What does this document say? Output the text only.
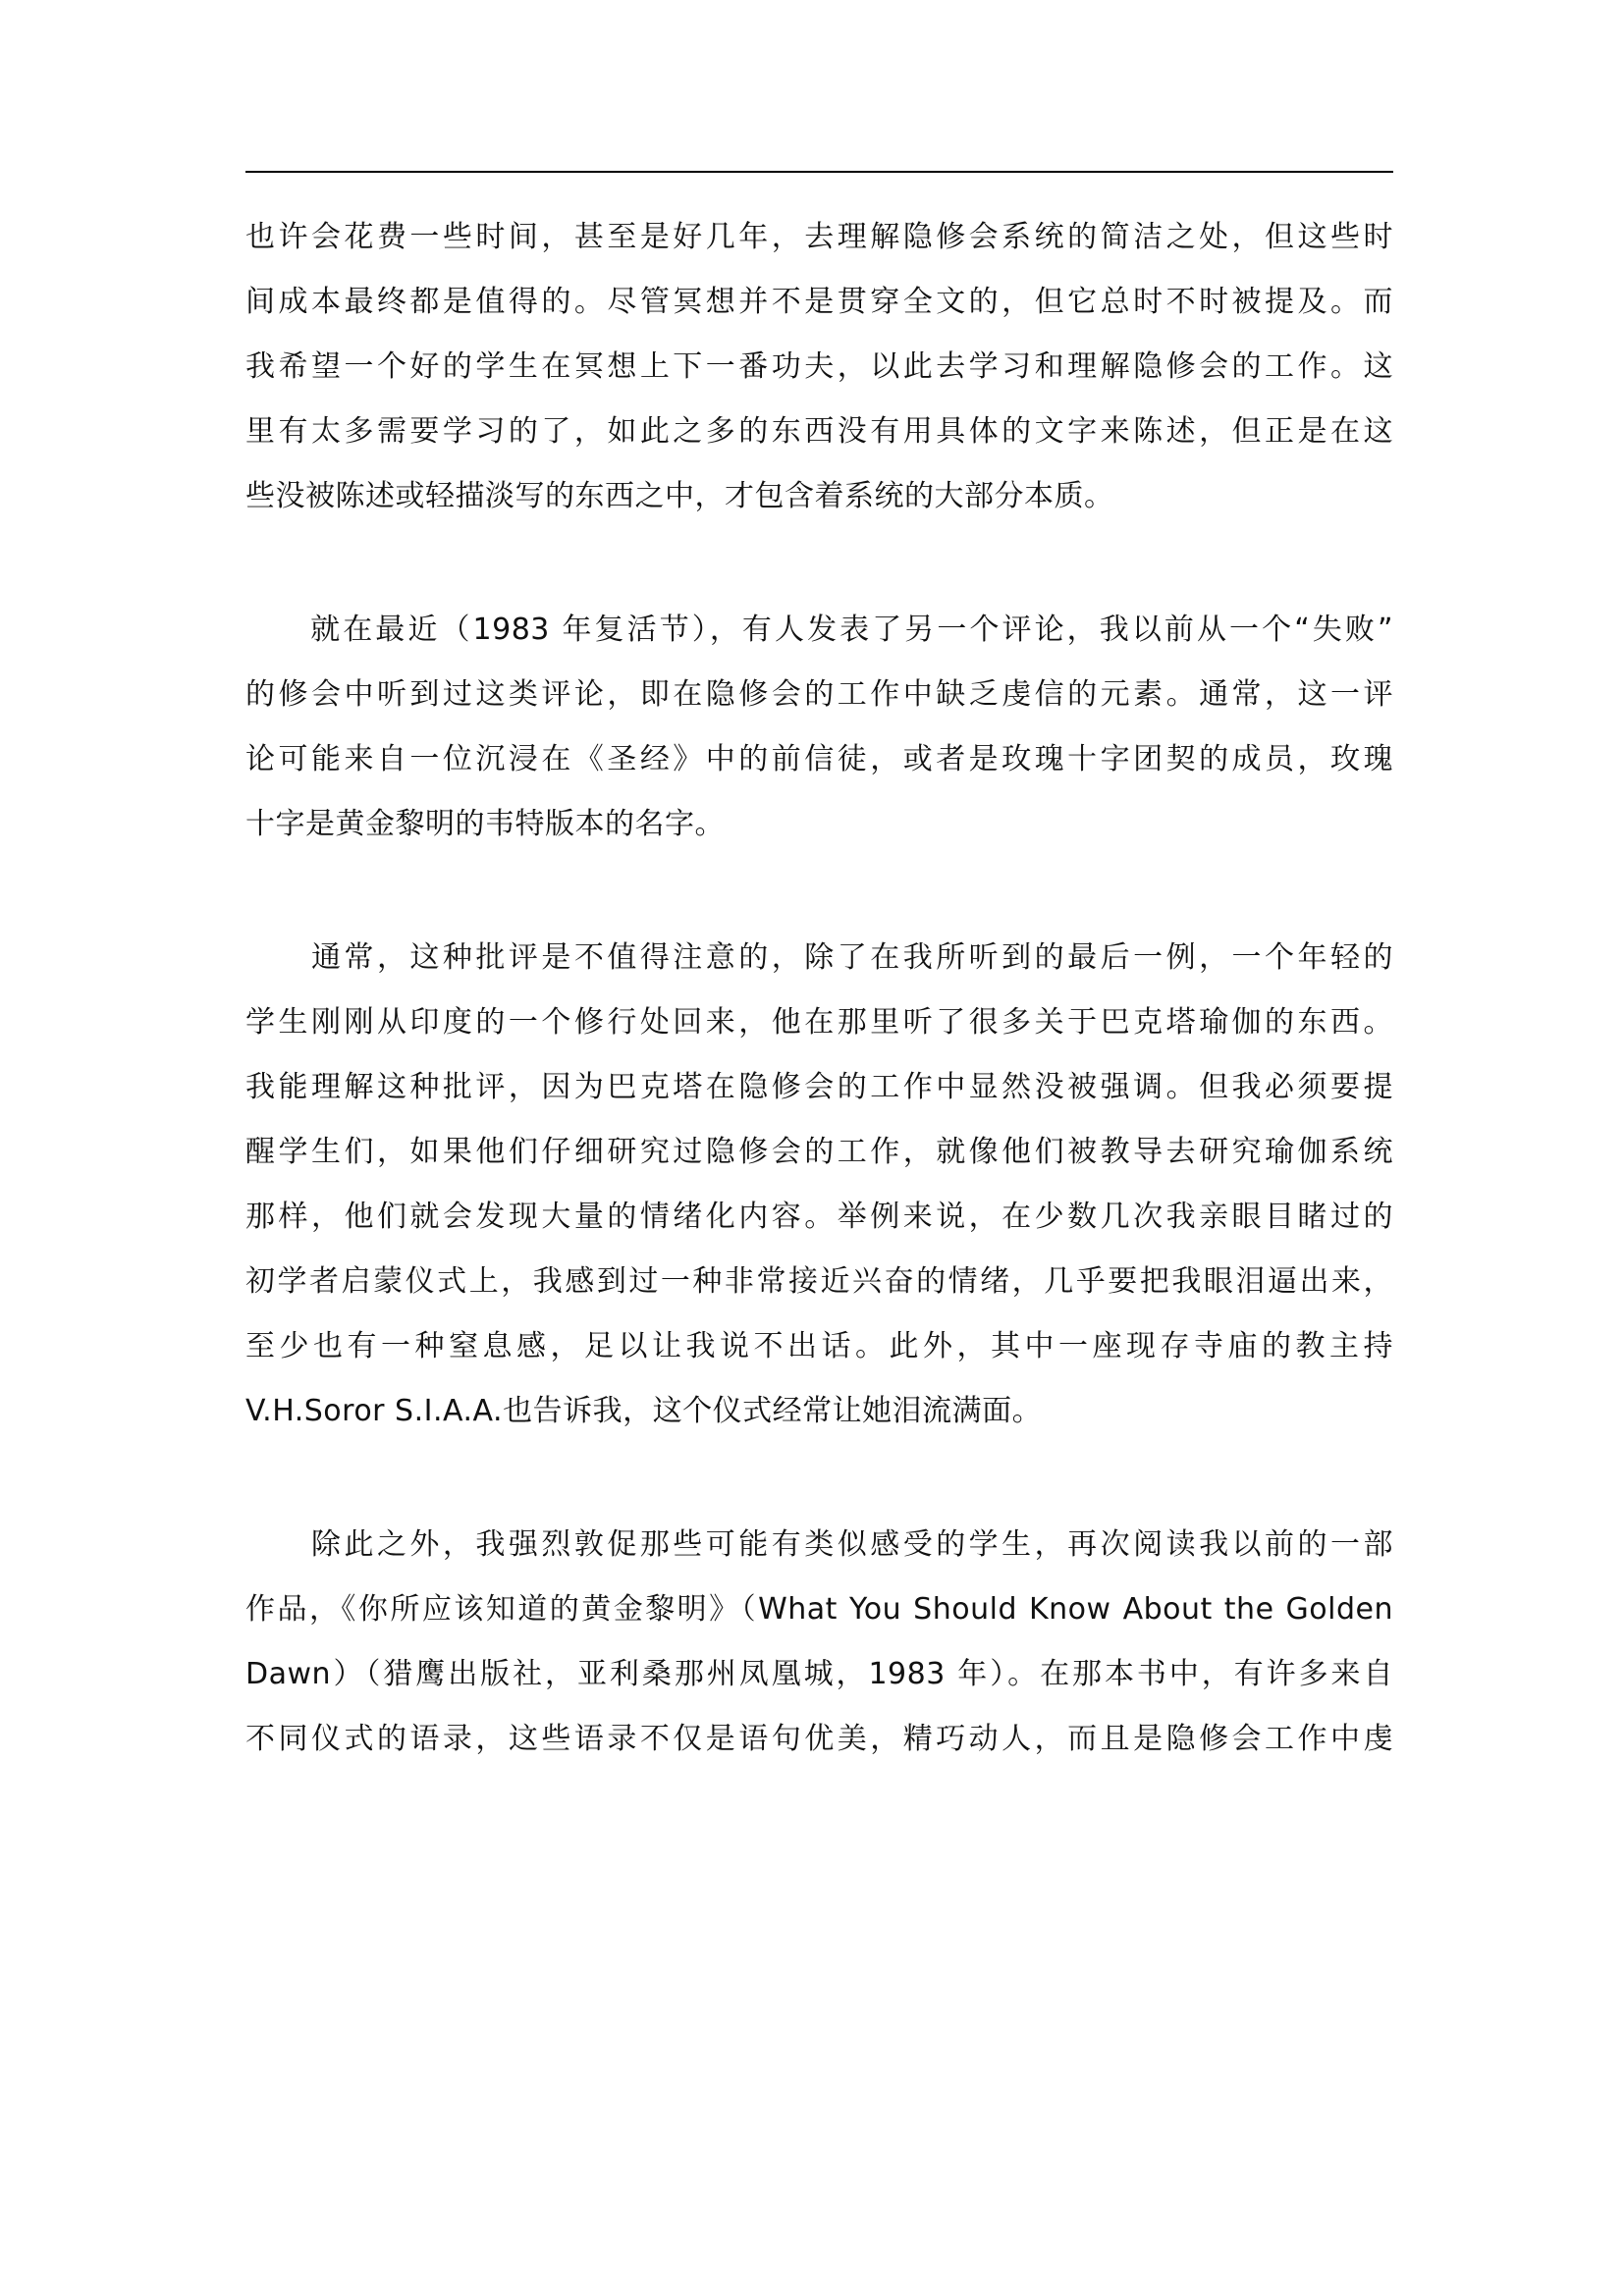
也许会花费一些时间，甚至是好几年，去理解隐修会系统的简洁之处，但这些时
间成本最终都是值得的。尽管冥想并不是贯穿全文的，但它总时不时被提及。而
我希望一个好的学生在冥想上下一番功夫，以此去学习和理解隐修会的工作。这
里有太多需要学习的了，如此之多的东西没有用具体的文字来陈述，但正是在这
些没被陈述或轻描淡写的东西之中，才包含着系统的大部分本质。
　　就在最近（1983 年复活节），有人发表了另一个评论，我以前从一个“失败”
的修会中听到过这类评论，即在隐修会的工作中缺乏虔信的元素。通常，这一评
论可能来自一位沉浸在《圣经》中的前信徒，或者是玫瑰十字团契的成员，玫瑰
十字是黄金黎明的韦特版本的名字。
　　通常，这种批评是不值得注意的，除了在我所听到的最后一例，一个年轻的
学生刚刚从印度的一个修行处回来，他在那里听了很多关于巴克塔瑜伽的东西。
我能理解这种批评，因为巴克塔在隐修会的工作中显然没被强调。但我必须要提
醒学生们，如果他们仔细研究过隐修会的工作，就像他们被教导去研究瑜伽系统
那样，他们就会发现大量的情绪化内容。举例来说，在少数几次我亲眼目睹过的
初学者启蒙仪式上，我感到过一种非常接近兴奋的情绪，几乎要把我眼泪逼出来，
至少也有一种窒息感，足以让我说不出话。此外，其中一座现存寺庙的教主持
V.H.Soror S.I.A.A.也告诉我，这个仪式经常让她泪流满面。
　　除此之外，我强烈敦促那些可能有类似感受的学生，再次阅读我以前的一部
作品，《你所应该知道的黄金黎明》（What You Should Know About the Golden
Dawn）（猎鹰出版社，亚利桑那州凤凰城，1983 年）。在那本书中，有许多来自
不同仪式的语录，这些语录不仅是语句优美，精巧动人，而且是隐修会工作中虔
